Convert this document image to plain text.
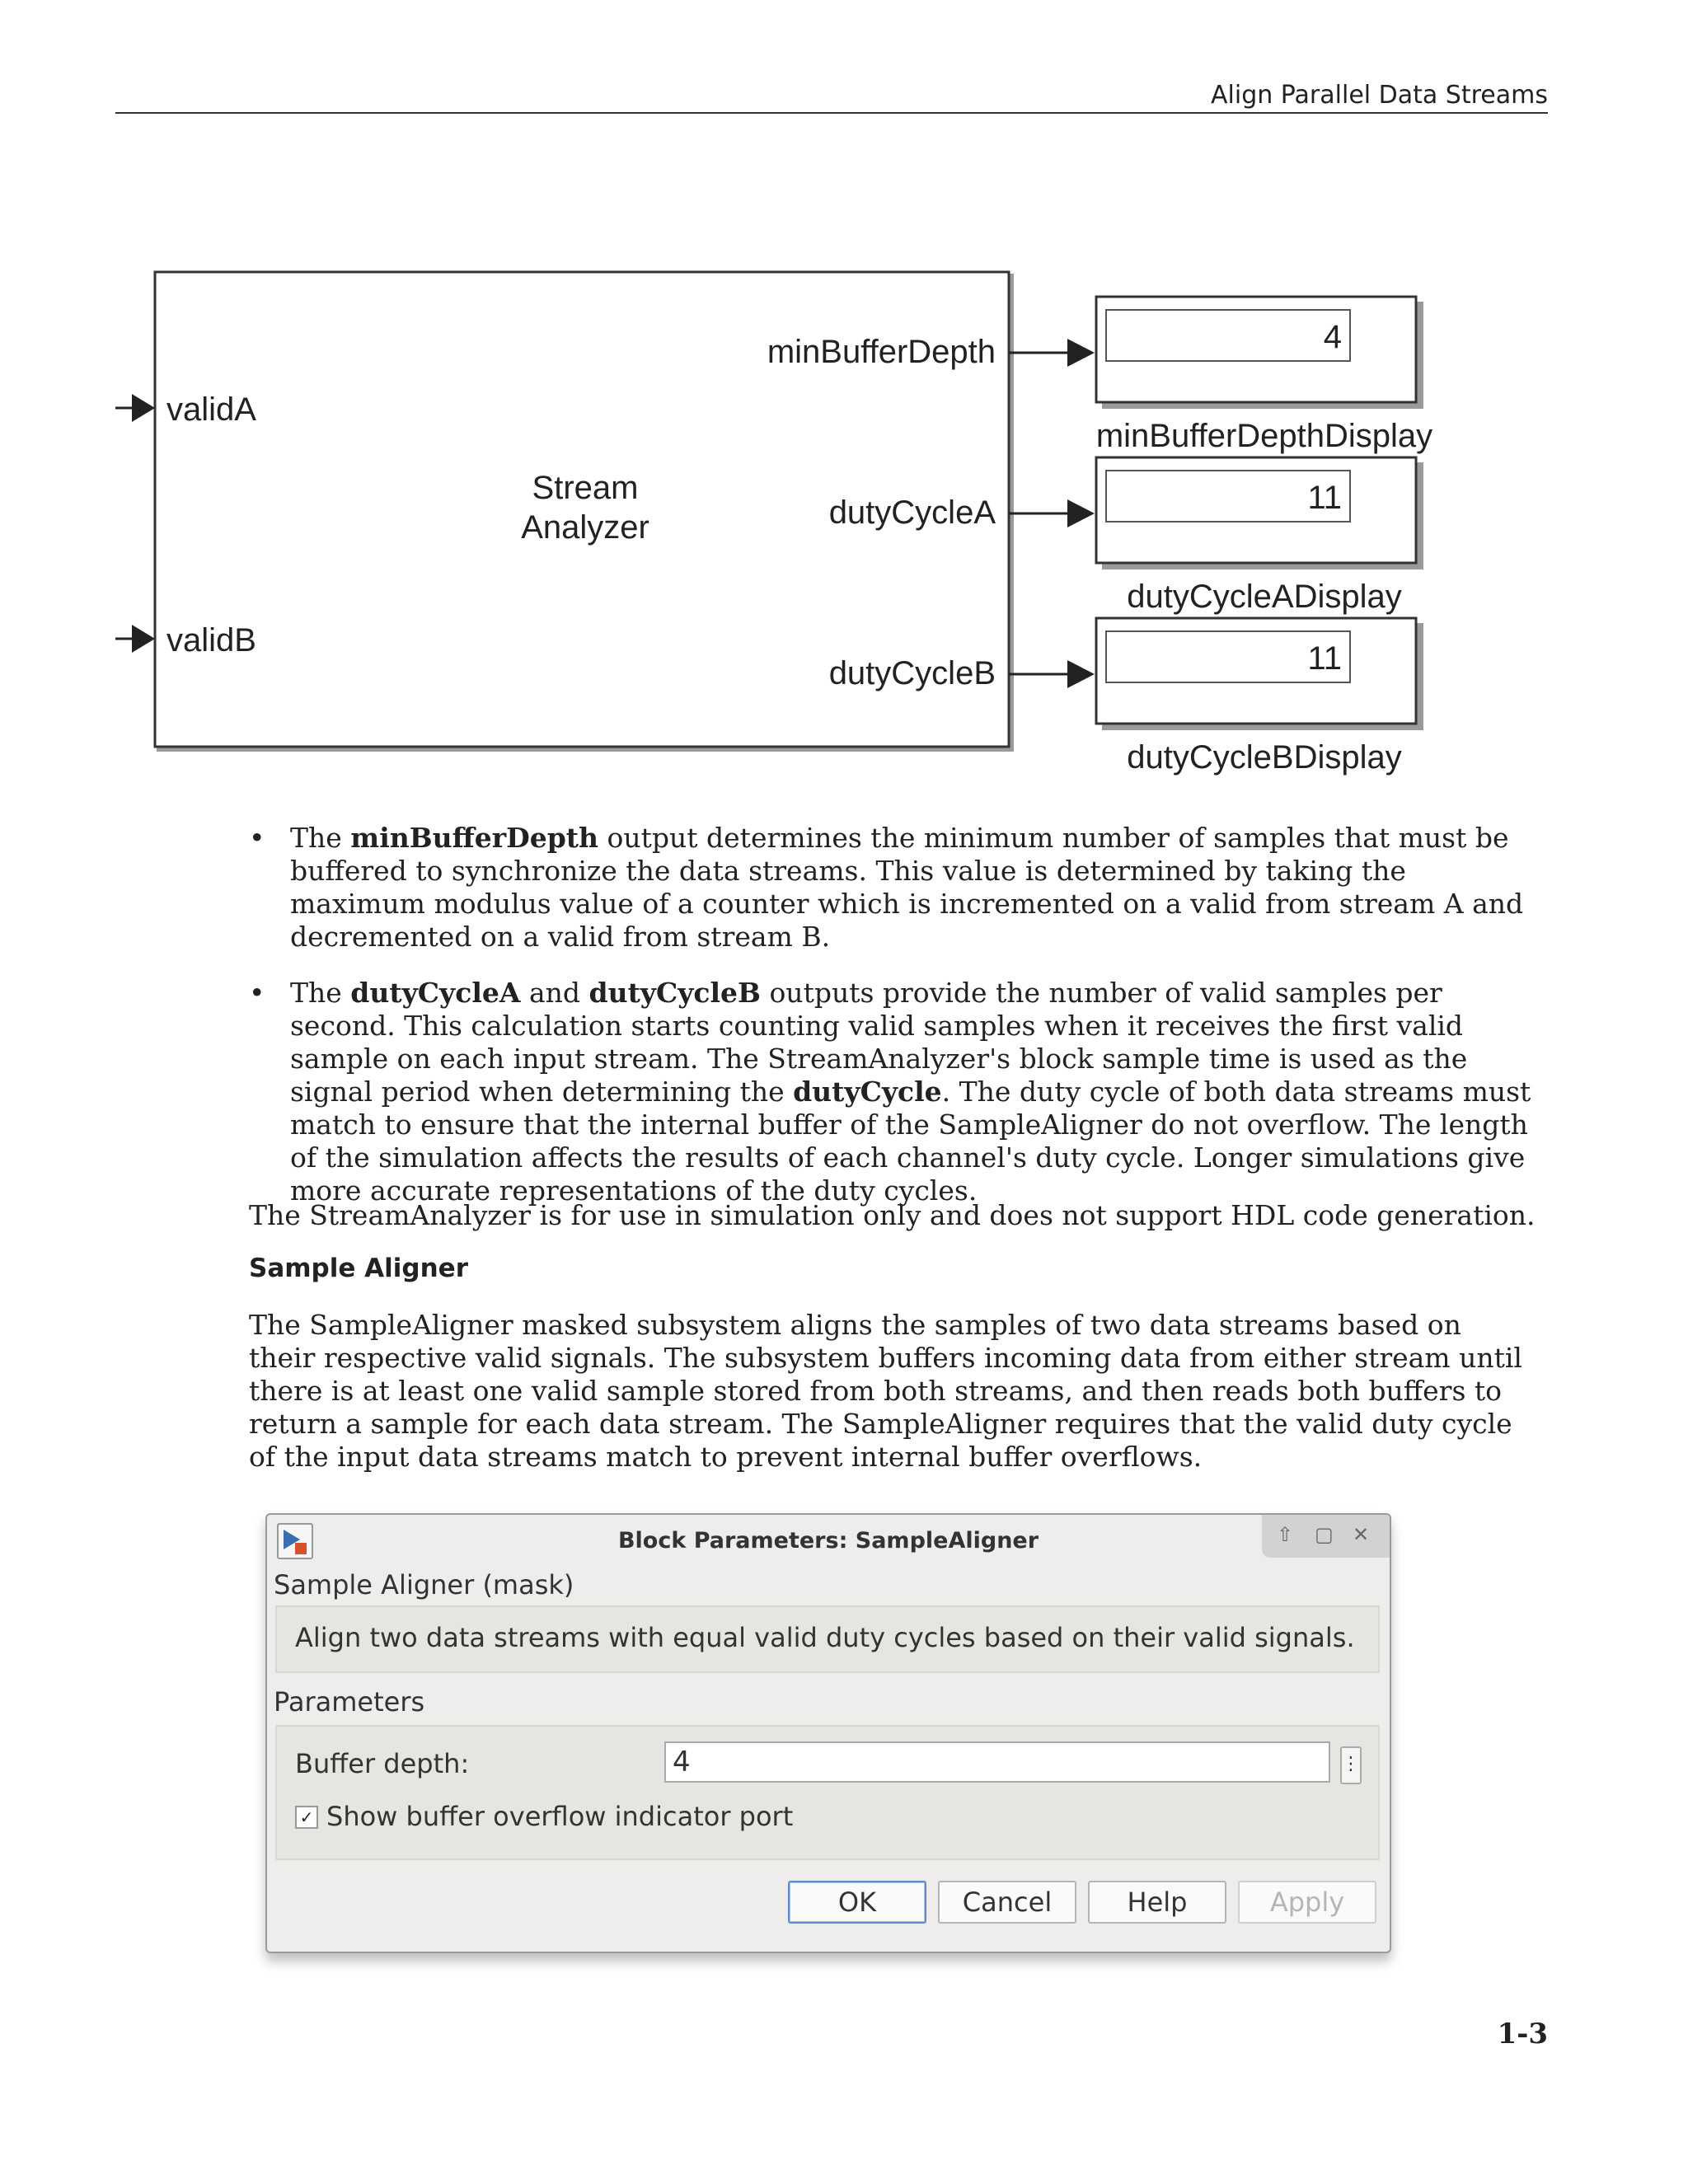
Align Parallel Data Streams
Stream
Analyzer
validA
validB
minBufferDepth
dutyCycleA
dutyCycleB
4
minBufferDepthDisplay
11
dutyCycleADisplay
11
dutyCycleBDisplay
• The minBufferDepth output determines the minimum number of samples that must be buffered to synchronize the data streams. This value is determined by taking the maximum modulus value of a counter which is incremented on a valid from stream A and decremented on a valid from stream B.
• The dutyCycleA and dutyCycleB outputs provide the number of valid samples per second. This calculation starts counting valid samples when it receives the first valid sample on each input stream. The StreamAnalyzer's block sample time is used as the signal period when determining the dutyCycle. The duty cycle of both data streams must match to ensure that the internal buffer of the SampleAligner do not overflow. The length of the simulation affects the results of each channel's duty cycle. Longer simulations give more accurate representations of the duty cycles.

The StreamAnalyzer is for use in simulation only and does not support HDL code generation.

Sample Aligner

The SampleAligner masked subsystem aligns the samples of two data streams based on their respective valid signals. The subsystem buffers incoming data from either stream until there is at least one valid sample stored from both streams, and then reads both buffers to return a sample for each data stream. The SampleAligner requires that the valid duty cycle of the input data streams match to prevent internal buffer overflows.

Block Parameters: SampleAligner	⇧ ▢ ✕
Sample Aligner (mask)
Align two data streams with equal valid duty cycles based on their valid signals.
Parameters
Buffer depth:
4	⋮
✓ Show buffer overflow indicator port
OK	Cancel	Help	Apply
1-3
